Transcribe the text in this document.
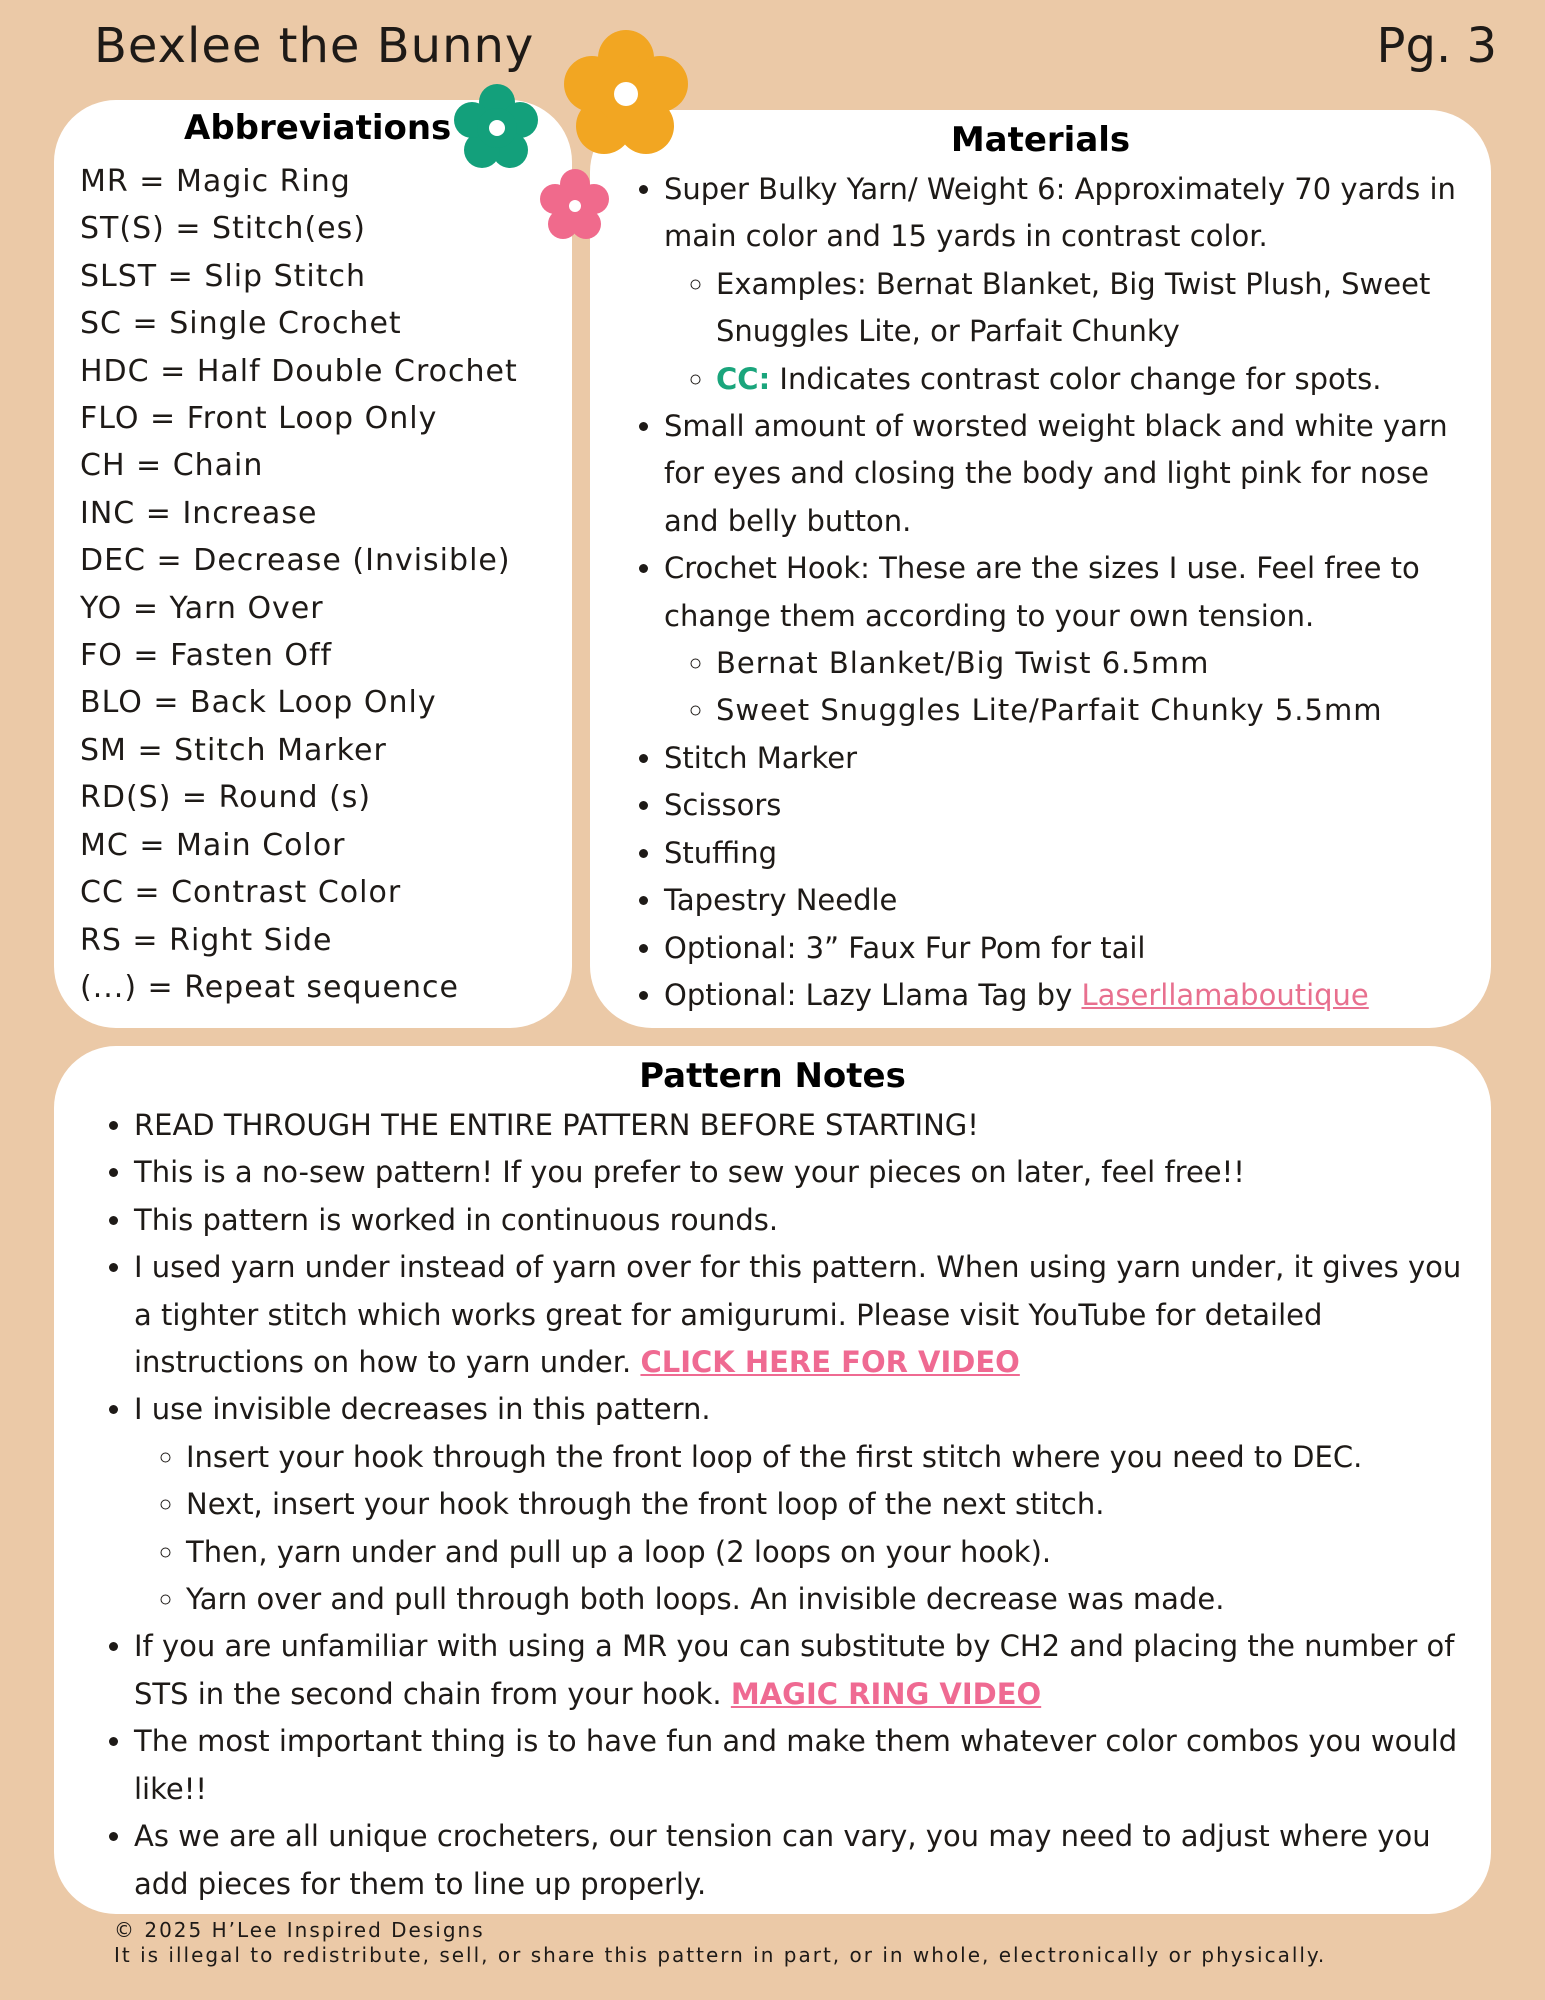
Bexlee the Bunny	Pg. 3
Abbreviations
MR = Magic Ring
ST(S) = Stitch(es)
SLST = Slip Stitch
SC = Single Crochet
HDC = Half Double Crochet
FLO = Front Loop Only
CH = Chain
INC = Increase
DEC = Decrease (Invisible)
YO = Yarn Over
FO = Fasten Off
BLO = Back Loop Only
SM = Stitch Marker
RD(S) = Round (s)
MC = Main Color
CC = Contrast Color
RS = Right Side
(...) = Repeat sequence
Materials
• Super Bulky Yarn/ Weight 6: Approximately 70 yards in main color and 15 yards in contrast color.
◦ Examples: Bernat Blanket, Big Twist Plush, Sweet Snuggles Lite, or Parfait Chunky
◦ CC: Indicates contrast color change for spots.
• Small amount of worsted weight black and white yarn for eyes and closing the body and light pink for nose and belly button.
• Crochet Hook: These are the sizes I use. Feel free to change them according to your own tension.
◦ Bernat Blanket/Big Twist 6.5mm
◦ Sweet Snuggles Lite/Parfait Chunky 5.5mm
• Stitch Marker
• Scissors
• Stuffing
• Tapestry Needle
• Optional: 3” Faux Fur Pom for tail
• Optional: Lazy Llama Tag by Laserllamaboutique
Pattern Notes
• READ THROUGH THE ENTIRE PATTERN BEFORE STARTING!
• This is a no-sew pattern! If you prefer to sew your pieces on later, feel free!!
• This pattern is worked in continuous rounds.
• I used yarn under instead of yarn over for this pattern. When using yarn under, it gives you a tighter stitch which works great for amigurumi. Please visit YouTube for detailed instructions on how to yarn under. CLICK HERE FOR VIDEO
• I use invisible decreases in this pattern.
◦ Insert your hook through the front loop of the first stitch where you need to DEC.
◦ Next, insert your hook through the front loop of the next stitch.
◦ Then, yarn under and pull up a loop (2 loops on your hook).
◦ Yarn over and pull through both loops. An invisible decrease was made.
• If you are unfamiliar with using a MR you can substitute by CH2 and placing the number of STS in the second chain from your hook. MAGIC RING VIDEO
• The most important thing is to have fun and make them whatever color combos you would like!!
• As we are all unique crocheters, our tension can vary, you may need to adjust where you add pieces for them to line up properly.
© 2025 H’Lee Inspired Designs
It is illegal to redistribute, sell, or share this pattern in part, or in whole, electronically or physically.
